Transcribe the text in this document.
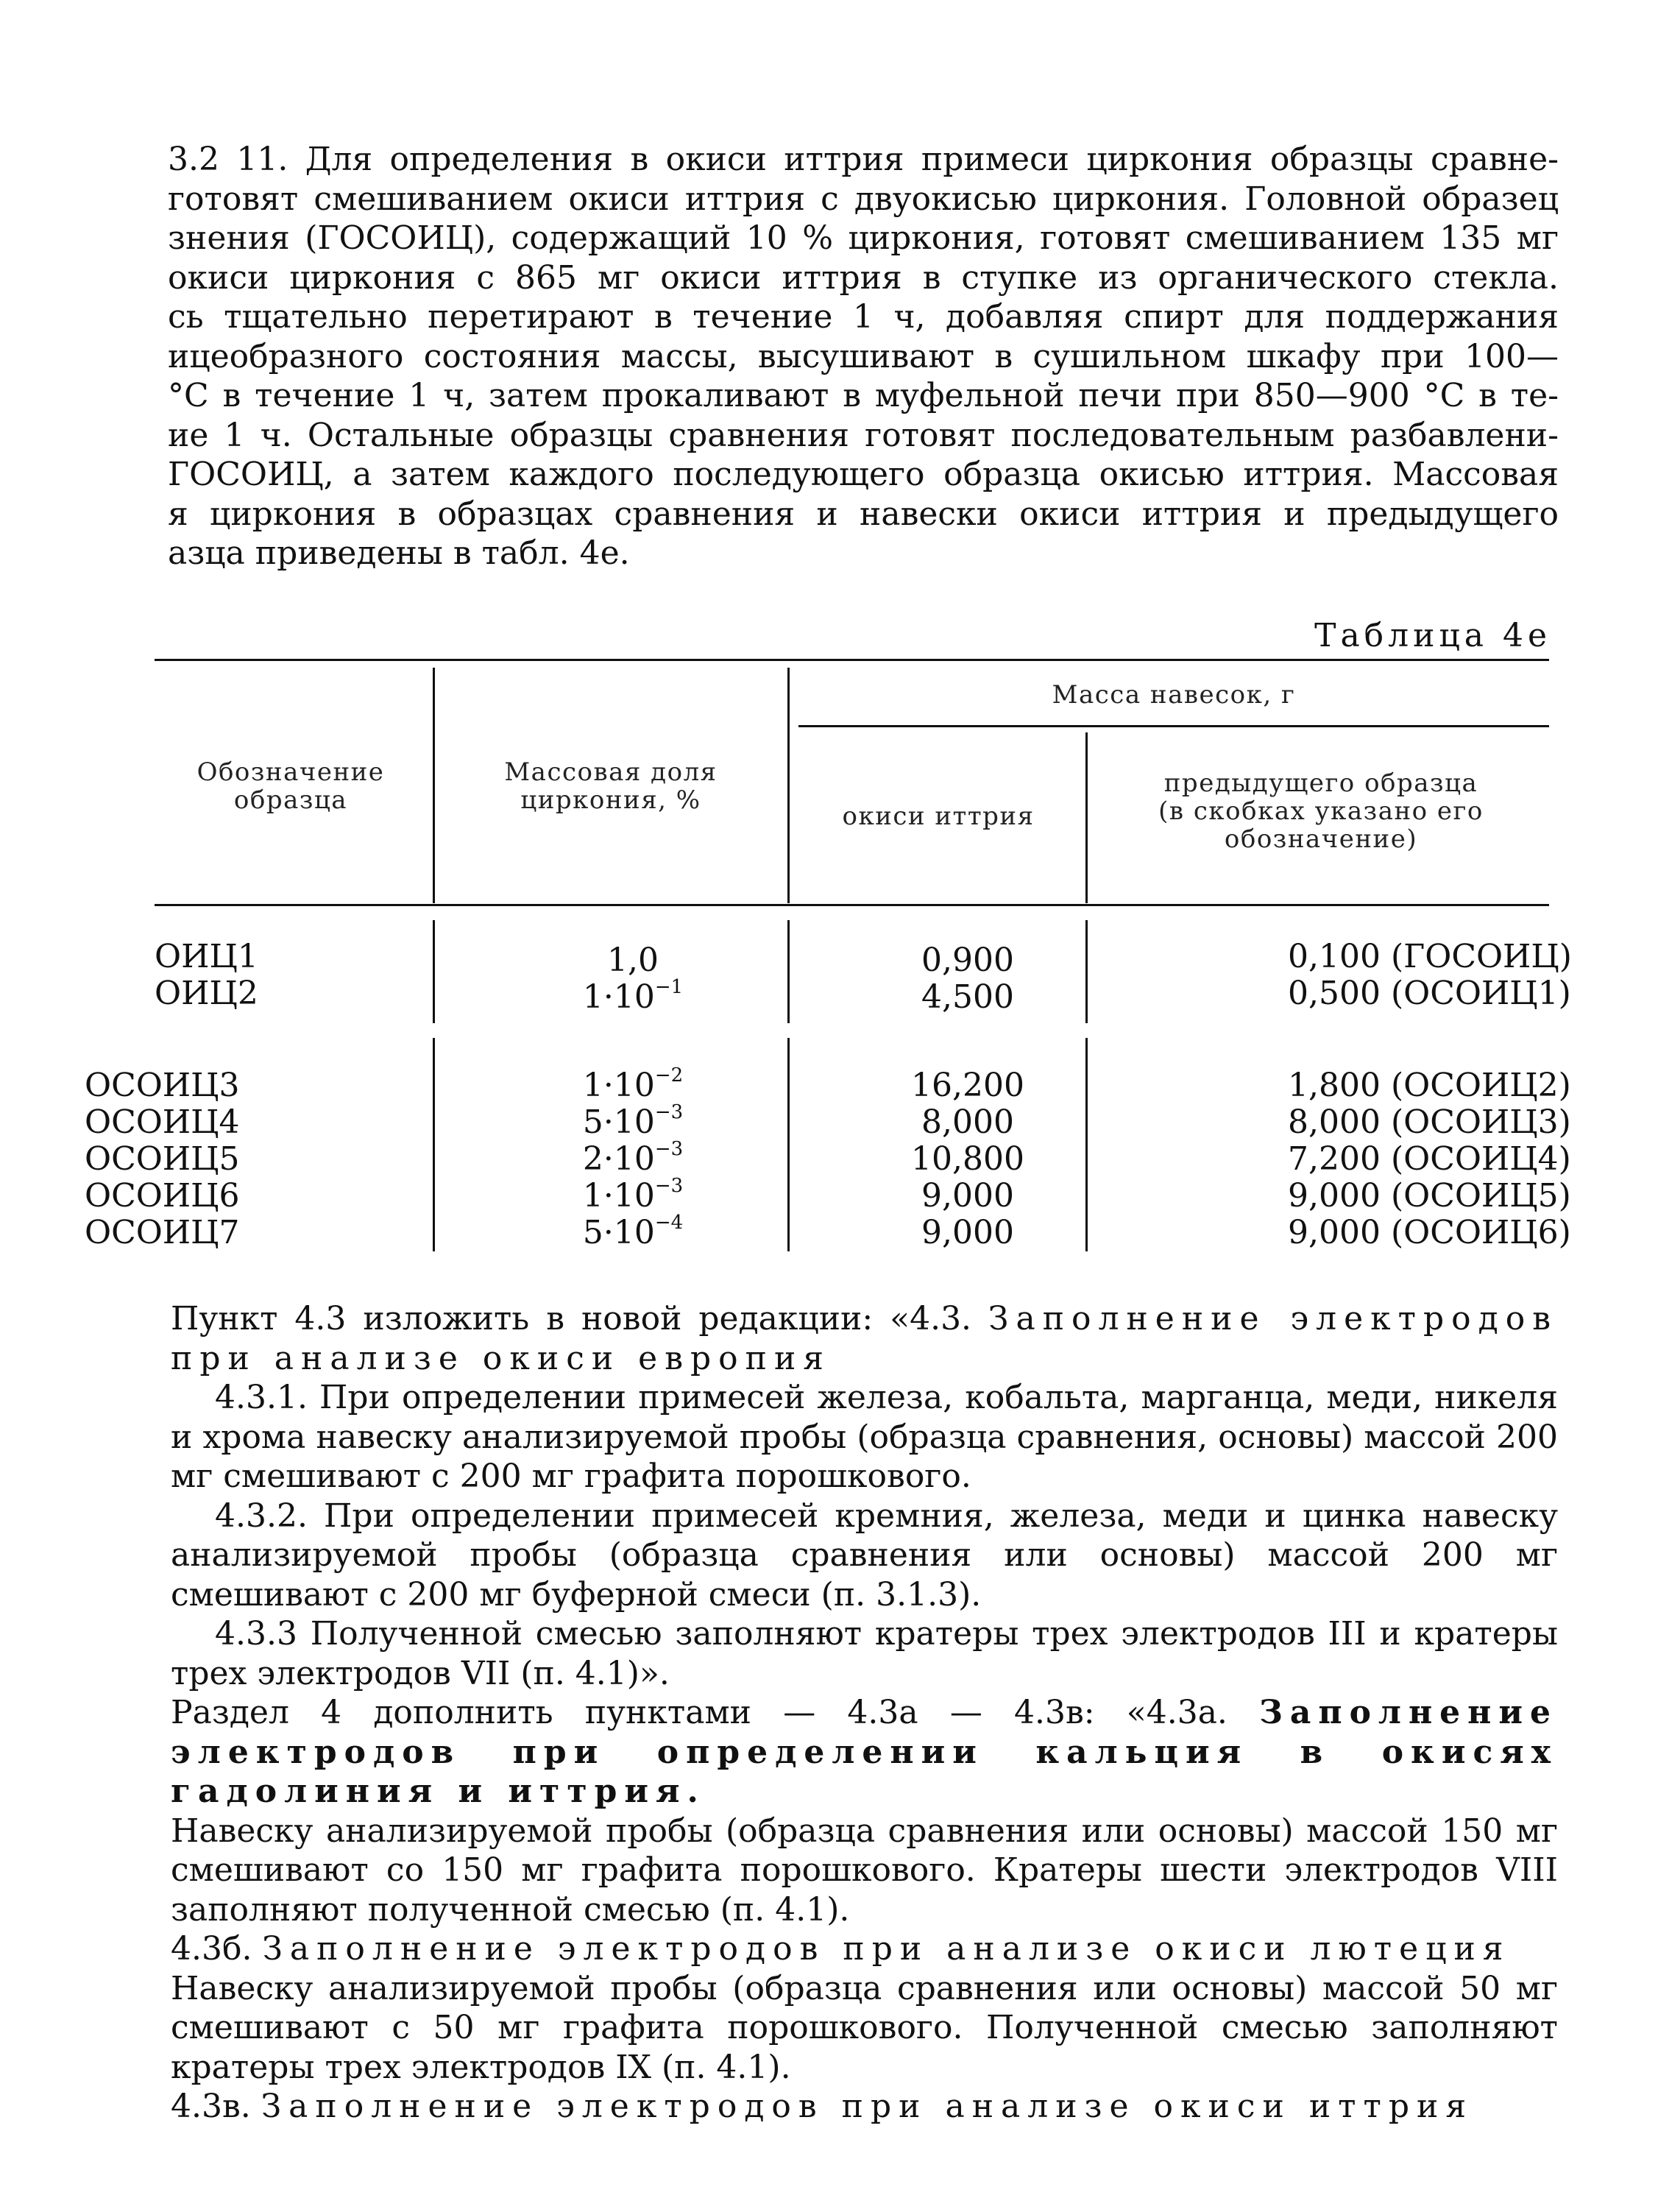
3.2 11. Для определения в окиси иттрия примеси циркония образцы сравне-
готовят смешиванием окиси иттрия с двуокисью циркония. Головной образец
знения (ГОСОИЦ), содержащий 10 % циркония, готовят смешиванием 135 мг
окиси циркония с 865 мг окиси иттрия в ступке из органического стекла.
сь тщательно перетирают в течение 1 ч, добавляя спирт для поддержания
ицеобразного состояния массы, высушивают в сушильном шкафу при 100—
°С в течение 1 ч, затем прокаливают в муфельной печи при 850—900 °С в те-
ие 1 ч. Остальные образцы сравнения готовят последовательным разбавлени-
ГОСОИЦ, а затем каждого последующего образца окисью иттрия. Массовая
я циркония в образцах сравнения и навески окиси иттрия и предыдущего
азца приведены в табл. 4е.
Таблица 4е
Масса навесок, г
Обозначение образца
Массовая доля циркония, %
окиси иттрия
предыдущего образца (в скобках указано его обозначение)
ОИЦ1	1,0	0,900	0,100 (ГОСОИЦ)
ОИЦ2	$1\cdot 10^{-1}$	4,500	0,500 (ОСОИЦ1)
ОСОИЦ3	$1\cdot 10^{-2}$	16,200	1,800 (ОСОИЦ2)
ОСОИЦ4	$5\cdot 10^{-3}$	8,000	8,000 (ОСОИЦ3)
ОСОИЦ5	$2\cdot 10^{-3}$	10,800	7,200 (ОСОИЦ4)
ОСОИЦ6	$1\cdot 10^{-3}$	9,000	9,000 (ОСОИЦ5)
ОСОИЦ7	$5\cdot 10^{-4}$	9,000	9,000 (ОСОИЦ6)
Пункт 4.3 изложить в новой редакции: «4.3. Заполнение электродов при анализе окиси европия
4.3.1. При определении примесей железа, кобальта, марганца, меди, никеля и хрома навеску анализируемой пробы (образца сравнения, основы) массой 200 мг смешивают с 200 мг графита порошкового.
4.3.2. При определении примесей кремния, железа, меди и цинка навеску анализируемой пробы (образца сравнения или основы) массой 200 мг смешивают с 200 мг буферной смеси (п. 3.1.3).
4.3.3 Полученной смесью заполняют кратеры трех электродов III и кратеры трех электродов VII (п. 4.1)».
Раздел 4 дополнить пунктами — 4.3а — 4.3в: «4.3а. Заполнение электродов при определении кальция в окисях гадолиния и иттрия.
Навеску анализируемой пробы (образца сравнения или основы) массой 150 мг смешивают со 150 мг графита порошкового. Кратеры шести электродов VIII заполняют полученной смесью (п. 4.1).
4.3б. Заполнение электродов при анализе окиси лютеция
Навеску анализируемой пробы (образца сравнения или основы) массой 50 мг смешивают с 50 мг графита порошкового. Полученной смесью заполняют кратеры трех электродов IX (п. 4.1).
4.3в. Заполнение электродов при анализе окиси иттрия
